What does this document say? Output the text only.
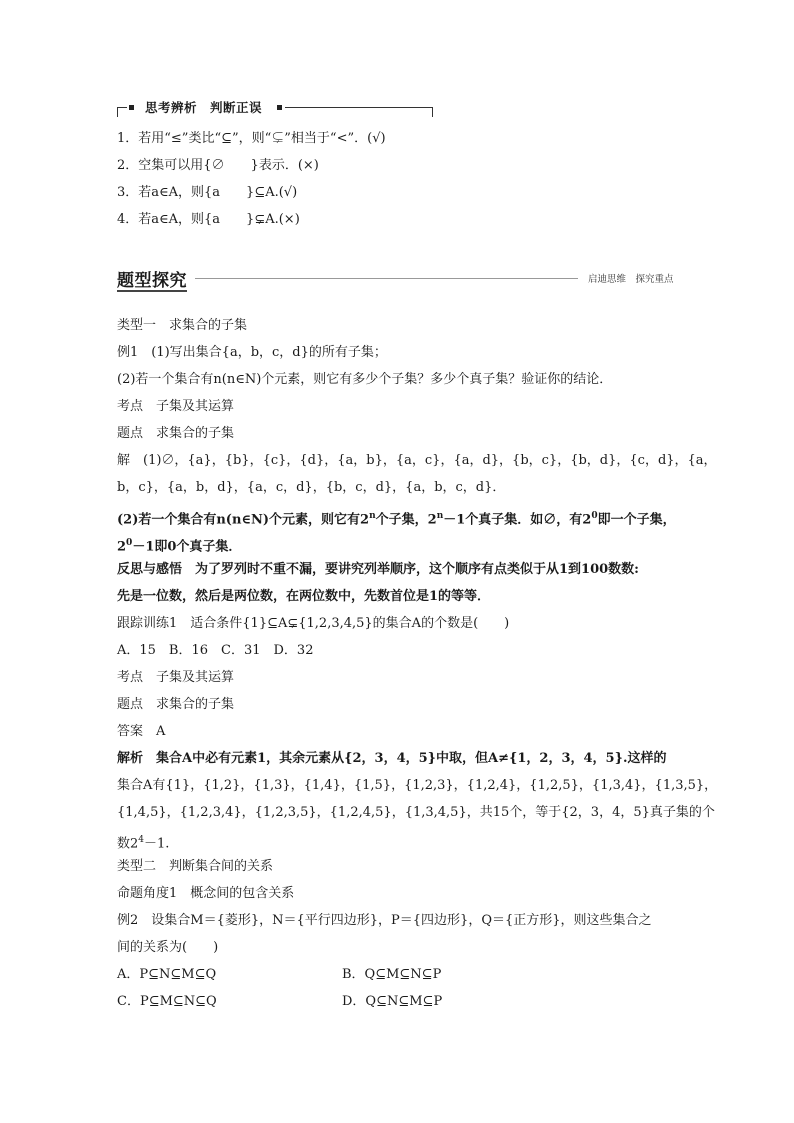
思考辨析　判断正误
1．若用“≤”类比“⊆”，则“⊊”相当于“<”．(√)
2．空集可以用{∅　　}表示．(×)
3．若a∈A，则{a　　}⊆A.(√)
4．若a∈A，则{a　　}⊊A.(×)
题型探究	启迪思维　探究重点
类型一　求集合的子集
例1　(1)写出集合{a，b，c，d}的所有子集；
(2)若一个集合有n(n∈N)个元素，则它有多少个子集？多少个真子集？验证你的结论．
考点　子集及其运算
题点　求集合的子集
解　(1)∅，{a}，{b}，{c}，{d}，{a，b}，{a，c}，{a，d}，{b，c}，{b，d}，{c，d}，{a，
b，c}，{a，b，d}，{a，c，d}，{b，c，d}，{a，b，c，d}．
(2)若一个集合有n(n∈N)个元素，则它有2$^n$个子集，$2^n-1$个真子集．如∅，有$2^0$即一个子集，
$2^0-1$即0个真子集．
反思与感悟　为了罗列时不重不漏，要讲究列举顺序，这个顺序有点类似于从1到100数数:
先是一位数，然后是两位数，在两位数中，先数首位是1的等等．
跟踪训练1　适合条件{1}⊆A⊊{1,2,3,4,5}的集合A的个数是(　　)
A．15　B．16　C．31　D．32
考点　子集及其运算
题点　求集合的子集
答案　A
解析　集合A中必有元素1，其余元素从{2，3，4，5}中取，但A≠{1，2，3，4，5}.这样的
集合A有{1}，{1,2}，{1,3}，{1,4}，{1,5}，{1,2,3}，{1,2,4}，{1,2,5}，{1,3,4}，{1,3,5}，
{1,4,5}，{1,2,3,4}，{1,2,3,5}，{1,2,4,5}，{1,3,4,5}，共15个，等于{2，3，4，5}真子集的个
数$2^4-1$.
类型二　判断集合间的关系
命题角度1　概念间的包含关系
例2　设集合M＝{菱形}，N＝{平行四边形}，P＝{四边形}，Q＝{正方形}，则这些集合之
间的关系为(　　)
A．P⊆N⊆M⊆Q	B．Q⊆M⊆N⊆P
C．P⊆M⊆N⊆Q	D．Q⊆N⊆M⊆P
